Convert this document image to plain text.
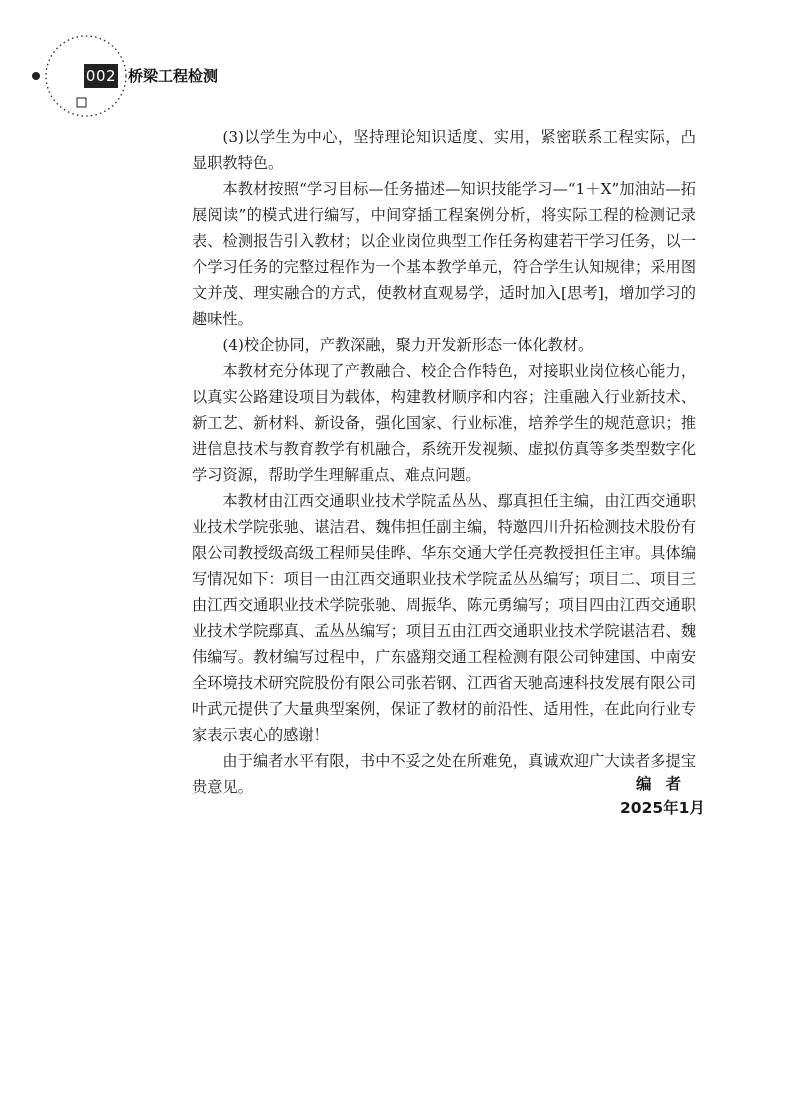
002 桥梁工程检测

(3)以学生为中心，坚持理论知识适度、实用，紧密联系工程实际，凸显职教特色。

本教材按照“学习目标—任务描述—知识技能学习—“1＋X”加油站—拓展阅读”的模式进行编写，中间穿插工程案例分析，将实际工程的检测记录表、检测报告引入教材；以企业岗位典型工作任务构建若干学习任务，以一个学习任务的完整过程作为一个基本教学单元，符合学生认知规律；采用图文并茂、理实融合的方式，使教材直观易学，适时加入[思考]，增加学习的趣味性。

(4)校企协同，产教深融，聚力开发新形态一体化教材。

本教材充分体现了产教融合、校企合作特色，对接职业岗位核心能力，以真实公路建设项目为载体，构建教材顺序和内容；注重融入行业新技术、新工艺、新材料、新设备，强化国家、行业标准，培养学生的规范意识；推进信息技术与教育教学有机融合，系统开发视频、虚拟仿真等多类型数字化学习资源，帮助学生理解重点、难点问题。

本教材由江西交通职业技术学院孟丛丛、鄢真担任主编，由江西交通职业技术学院张驰、谌洁君、魏伟担任副主编，特邀四川升拓检测技术股份有限公司教授级高级工程师吴佳晔、华东交通大学任亮教授担任主审。具体编写情况如下：项目一由江西交通职业技术学院孟丛丛编写；项目二、项目三由江西交通职业技术学院张驰、周振华、陈元勇编写；项目四由江西交通职业技术学院鄢真、孟丛丛编写；项目五由江西交通职业技术学院谌洁君、魏伟编写。教材编写过程中，广东盛翔交通工程检测有限公司钟建国、中南安全环境技术研究院股份有限公司张若钢、江西省天驰高速科技发展有限公司叶武元提供了大量典型案例，保证了教材的前沿性、适用性，在此向行业专家表示衷心的感谢！

由于编者水平有限，书中不妥之处在所难免，真诚欢迎广大读者多提宝贵意见。	编者
2025年1月
